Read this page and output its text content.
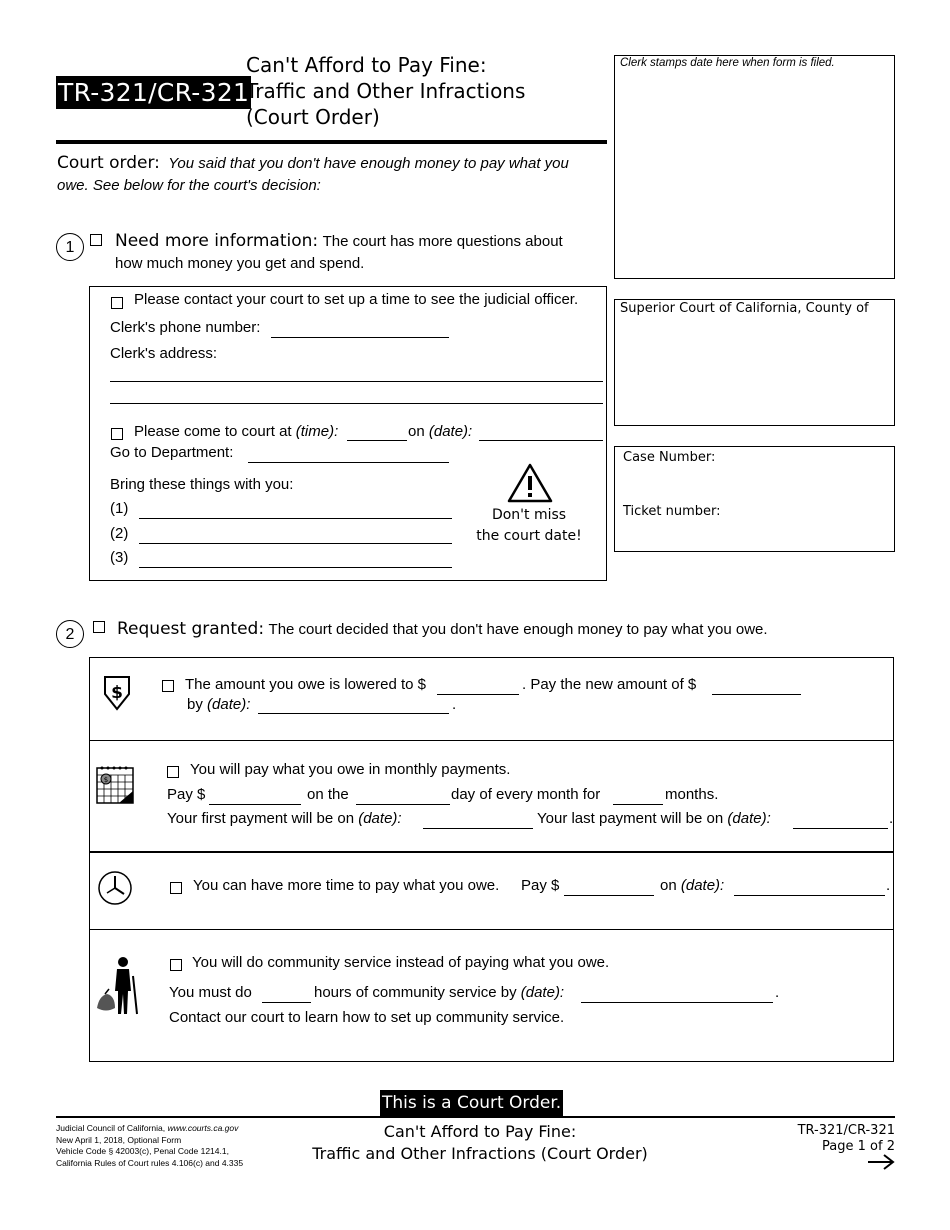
TR-321/CR-321
Can't Afford to Pay Fine:
Traffic and Other Infractions
(Court Order)
Clerk stamps date here when form is filed.
Superior Court of California, County of
Case Number:
Ticket number:
Court order: You said that you don't have enough money to pay what you owe. See below for the court's decision:
1	Need more information: The court has more questions about
how much money you get and spend.
Please contact your court to set up a time to see the judicial officer.
Clerk's phone number:
Clerk's address:
Please come to court at (time):	on (date):
Go to Department:
Bring these things with you:
(1)
(2)
(3)
Don't miss
the court date!
2	Request granted: The court decided that you don't have enough money to pay what you owe.
$	The amount you owe is lowered to $	. Pay the new amount of $
by (date):	.
$
You will pay what you owe in monthly payments.
Pay $	on the	day of every month for	months.
Your first payment will be on (date):	Your last payment will be on (date):	.
You can have more time to pay what you owe. Pay $	on (date):	.
You will do community service instead of paying what you owe.
You must do	hours of community service by (date):	.
Contact our court to learn how to set up community service.
This is a Court Order.
Judicial Council of California, www.courts.ca.gov
New April 1, 2018, Optional Form
Vehicle Code § 42003(c), Penal Code 1214.1,
California Rules of Court rules 4.106(c) and 4.335
Can't Afford to Pay Fine:
Traffic and Other Infractions (Court Order)
TR-321/CR-321
Page 1 of 2
